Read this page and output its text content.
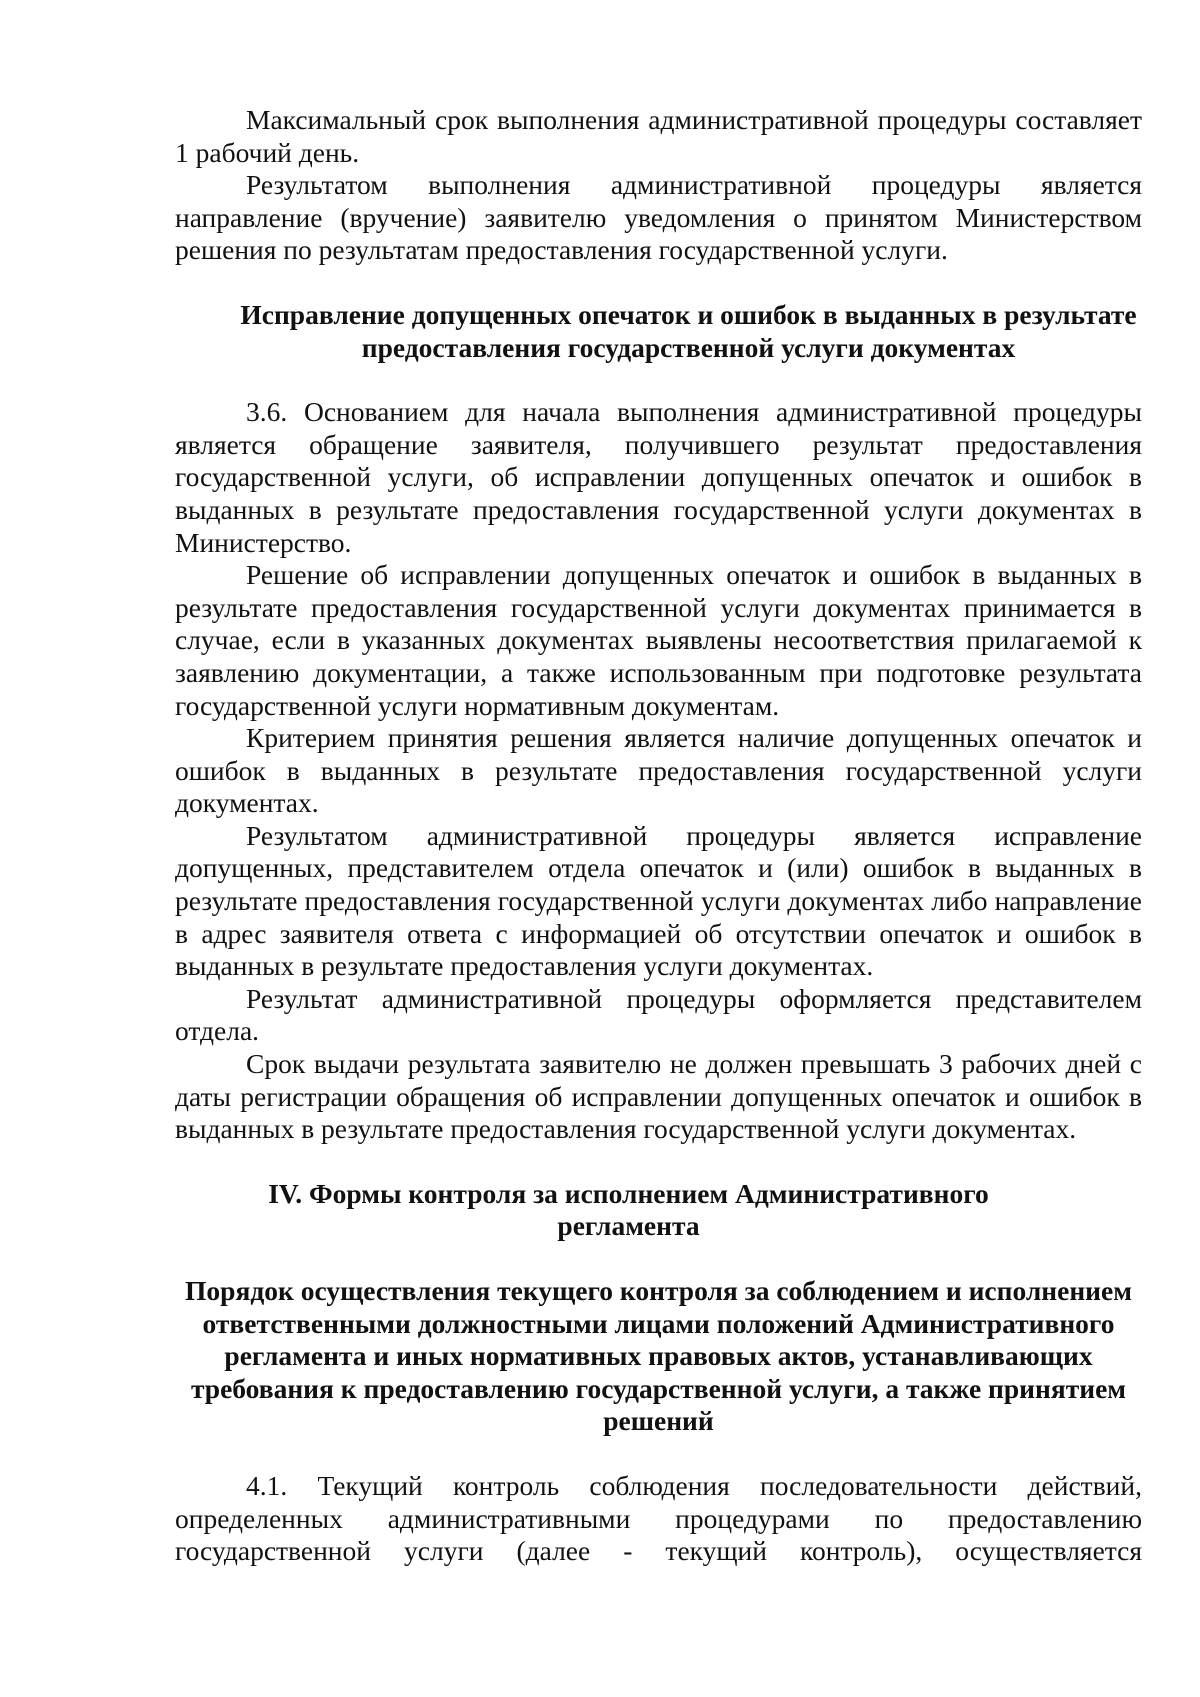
Максимальный срок выполнения административной процедуры составляет 1 рабочий день.

Результатом выполнения административной процедуры является направление (вручение) заявителю уведомления о принятом Министерством решения по результатам предоставления государственной услуги.

Исправление допущенных опечаток и ошибок в выданных в результате предоставления государственной услуги документах

3.6. Основанием для начала выполнения административной процедуры является обращение заявителя, получившего результат предоставления государственной услуги, об исправлении допущенных опечаток и ошибок в выданных в результате предоставления государственной услуги документах в Министерство.

Решение об исправлении допущенных опечаток и ошибок в выданных в результате предоставления государственной услуги документах принимается в случае, если в указанных документах выявлены несоответствия прилагаемой к заявлению документации, а также использованным при подготовке результата государственной услуги нормативным документам.

Критерием принятия решения является наличие допущенных опечаток и ошибок в выданных в результате предоставления государственной услуги документах.

Результатом административной процедуры является исправление допущенных, представителем отдела опечаток и (или) ошибок в выданных в результате предоставления государственной услуги документах либо направление в адрес заявителя ответа с информацией об отсутствии опечаток и ошибок в выданных в результате предоставления услуги документах.

Результат административной процедуры оформляется представителем отдела.

Срок выдачи результата заявителю не должен превышать 3 рабочих дней с даты регистрации обращения об исправлении допущенных опечаток и ошибок в выданных в результате предоставления государственной услуги документах.

IV. Формы контроля за исполнением Административного регламента

Порядок осуществления текущего контроля за соблюдением и исполнением ответственными должностными лицами положений Административного регламента и иных нормативных правовых актов, устанавливающих требования к предоставлению государственной услуги, а также принятием решений

4.1. Текущий контроль соблюдения последовательности действий, определенных административными процедурами по предоставлению государственной услуги (далее - текущий контроль), осуществляется
